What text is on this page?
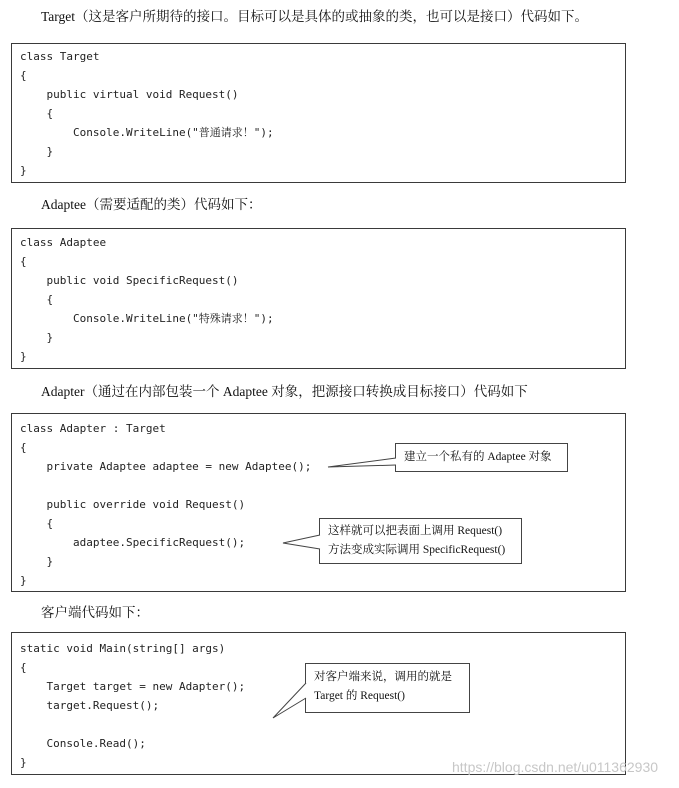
Target（这是客户所期待的接口。目标可以是具体的或抽象的类，也可以是接口）代码如下。
class Target
{
public virtual void Request()
{
Console.WriteLine("普通请求！");
}
}
Adaptee（需要适配的类）代码如下：
class Adaptee
{
public void SpecificRequest()
{
Console.WriteLine("特殊请求！");
}
}
Adapter（通过在内部包装一个 Adaptee 对象，把源接口转换成目标接口）代码如下
class Adapter : Target
{
private Adaptee adaptee = new Adaptee();
public override void Request()
{
adaptee.SpecificRequest();
}
}
建立一个私有的 Adaptee 对象
这样就可以把表面上调用 Request()
方法变成实际调用 SpecificRequest()
客户端代码如下：
static void Main(string[] args)
{
Target target = new Adapter();
target.Request();
Console.Read();
}
对客户端来说，调用的就是
Target 的 Request()
https://blog.csdn.net/u011362930
